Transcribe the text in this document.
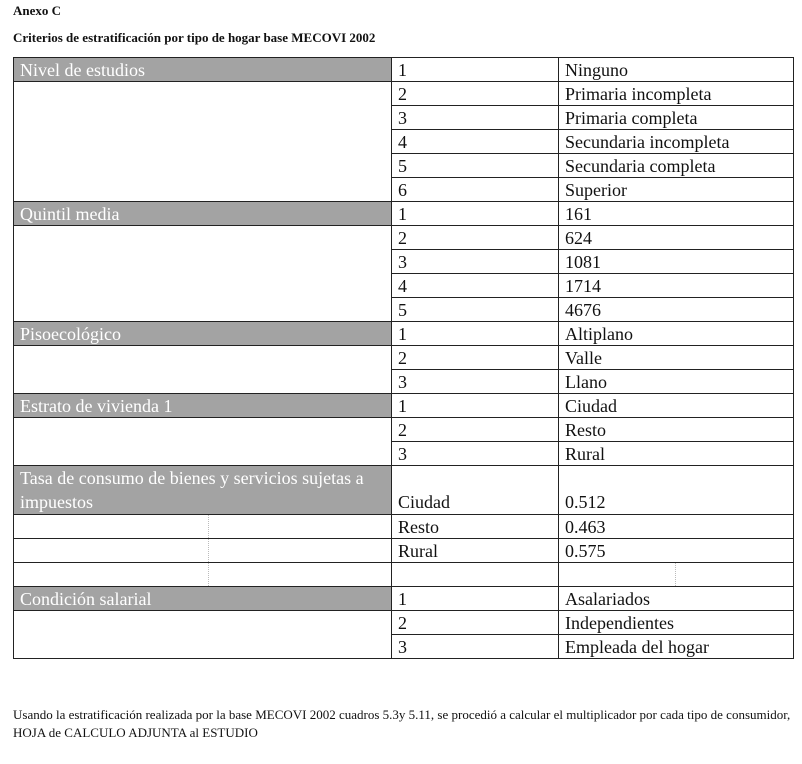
Anexo C
Criterios de estratificación por tipo de hogar base MECOVI 2002
Nivel de estudios	1	Ninguno
	2	Primaria incompleta
	3	Primaria completa
	4	Secundaria incompleta
	5	Secundaria completa
	6	Superior
Quintil media	1	161
	2	624
	3	1081
	4	1714
	5	4676
Pisoecológico	1	Altiplano
	2	Valle
	3	Llano
Estrato de vivienda 1	1	Ciudad
	2	Resto
	3	Rural
Tasa de consumo de bienes y servicios sujetas a impuestos	Ciudad	0.512
	Resto	0.463
	Rural	0.575

Condición salarial	1	Asalariados
	2	Independientes
	3	Empleada del hogar
Usando la estratificación realizada por la base MECOVI 2002 cuadros 5.3y 5.11, se procedió a calcular el multiplicador por cada tipo de consumidor, HOJA de CALCULO ADJUNTA al ESTUDIO
